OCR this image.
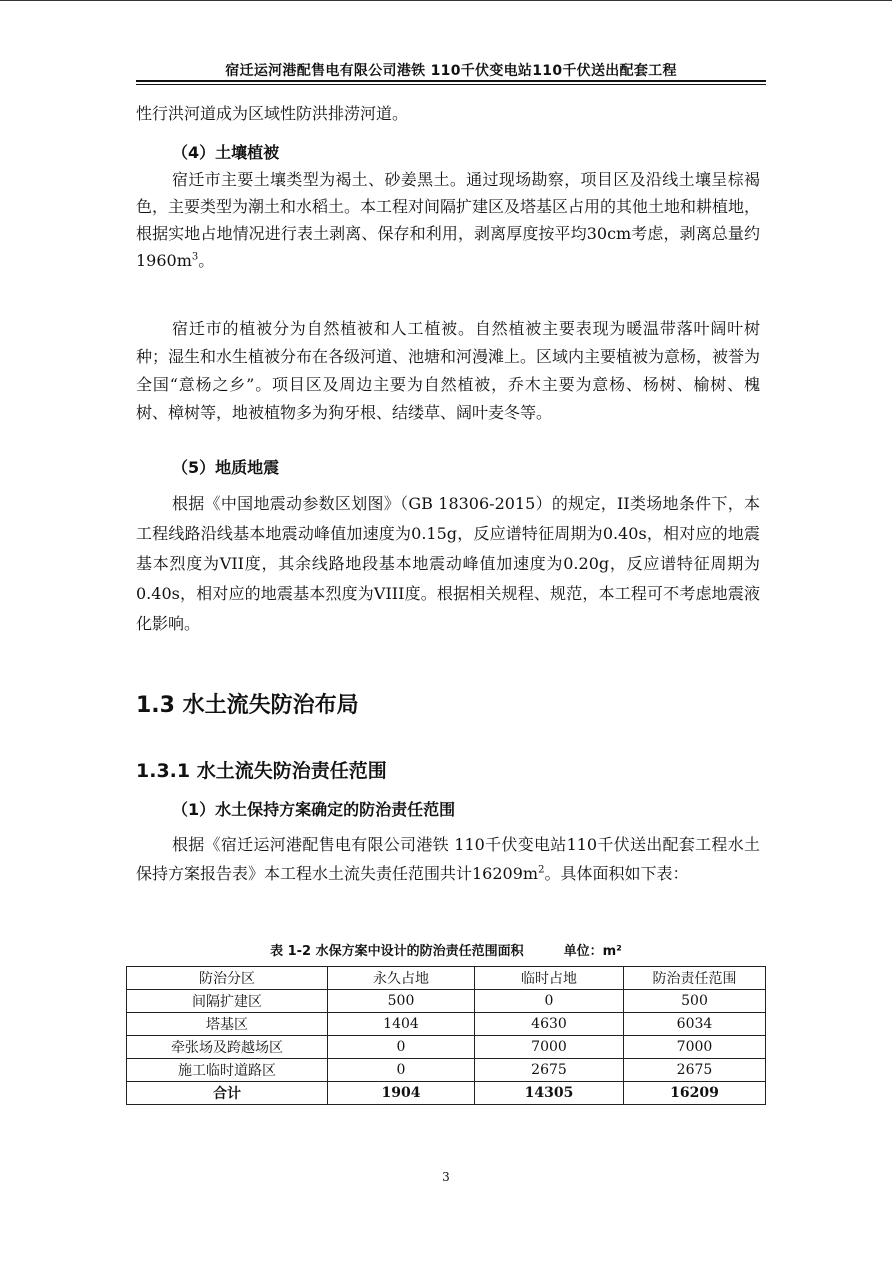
宿迁运河港配售电有限公司港铁 110千伏变电站110千伏送出配套工程

性行洪河道成为区域性防洪排涝河道。

（4）土壤植被

宿迁市主要土壤类型为褐土、砂姜黑土。通过现场勘察，项目区及沿线土壤呈棕褐色，主要类型为潮土和水稻土。本工程对间隔扩建区及塔基区占用的其他土地和耕植地，根据实地占地情况进行表土剥离、保存和利用，剥离厚度按平均30cm考虑，剥离总量约$1960m^3$。

宿迁市的植被分为自然植被和人工植被。自然植被主要表现为暖温带落叶阔叶树种；湿生和水生植被分布在各级河道、池塘和河漫滩上。区域内主要植被为意杨，被誉为全国“意杨之乡”。项目区及周边主要为自然植被，乔木主要为意杨、杨树、榆树、槐树、樟树等，地被植物多为狗牙根、结缕草、阔叶麦冬等。

（5）地质地震

根据《中国地震动参数区划图》（GB 18306-2015）的规定，II类场地条件下，本工程线路沿线基本地震动峰值加速度为0.15g，反应谱特征周期为0.40s，相对应的地震基本烈度为VII度，其余线路地段基本地震动峰值加速度为0.20g，反应谱特征周期为0.40s，相对应的地震基本烈度为VIII度。根据相关规程、规范，本工程可不考虑地震液化影响。

1.3 水土流失防治布局
1.3.1 水土流失防治责任范围

（1）水土保持方案确定的防治责任范围

根据《宿迁运河港配售电有限公司港铁 110千伏变电站110千伏送出配套工程水土保持方案报告表》本工程水土流失责任范围共计$16209m^2$。具体面积如下表：

表 1-2 水保方案中设计的防治责任范围面积	单位：m²
防治分区	永久占地	临时占地	防治责任范围
间隔扩建区	500	0	500
塔基区	1404	4630	6034
牵张场及跨越场区	0	7000	7000
施工临时道路区	0	2675	2675
合计	1904	14305	16209
3
